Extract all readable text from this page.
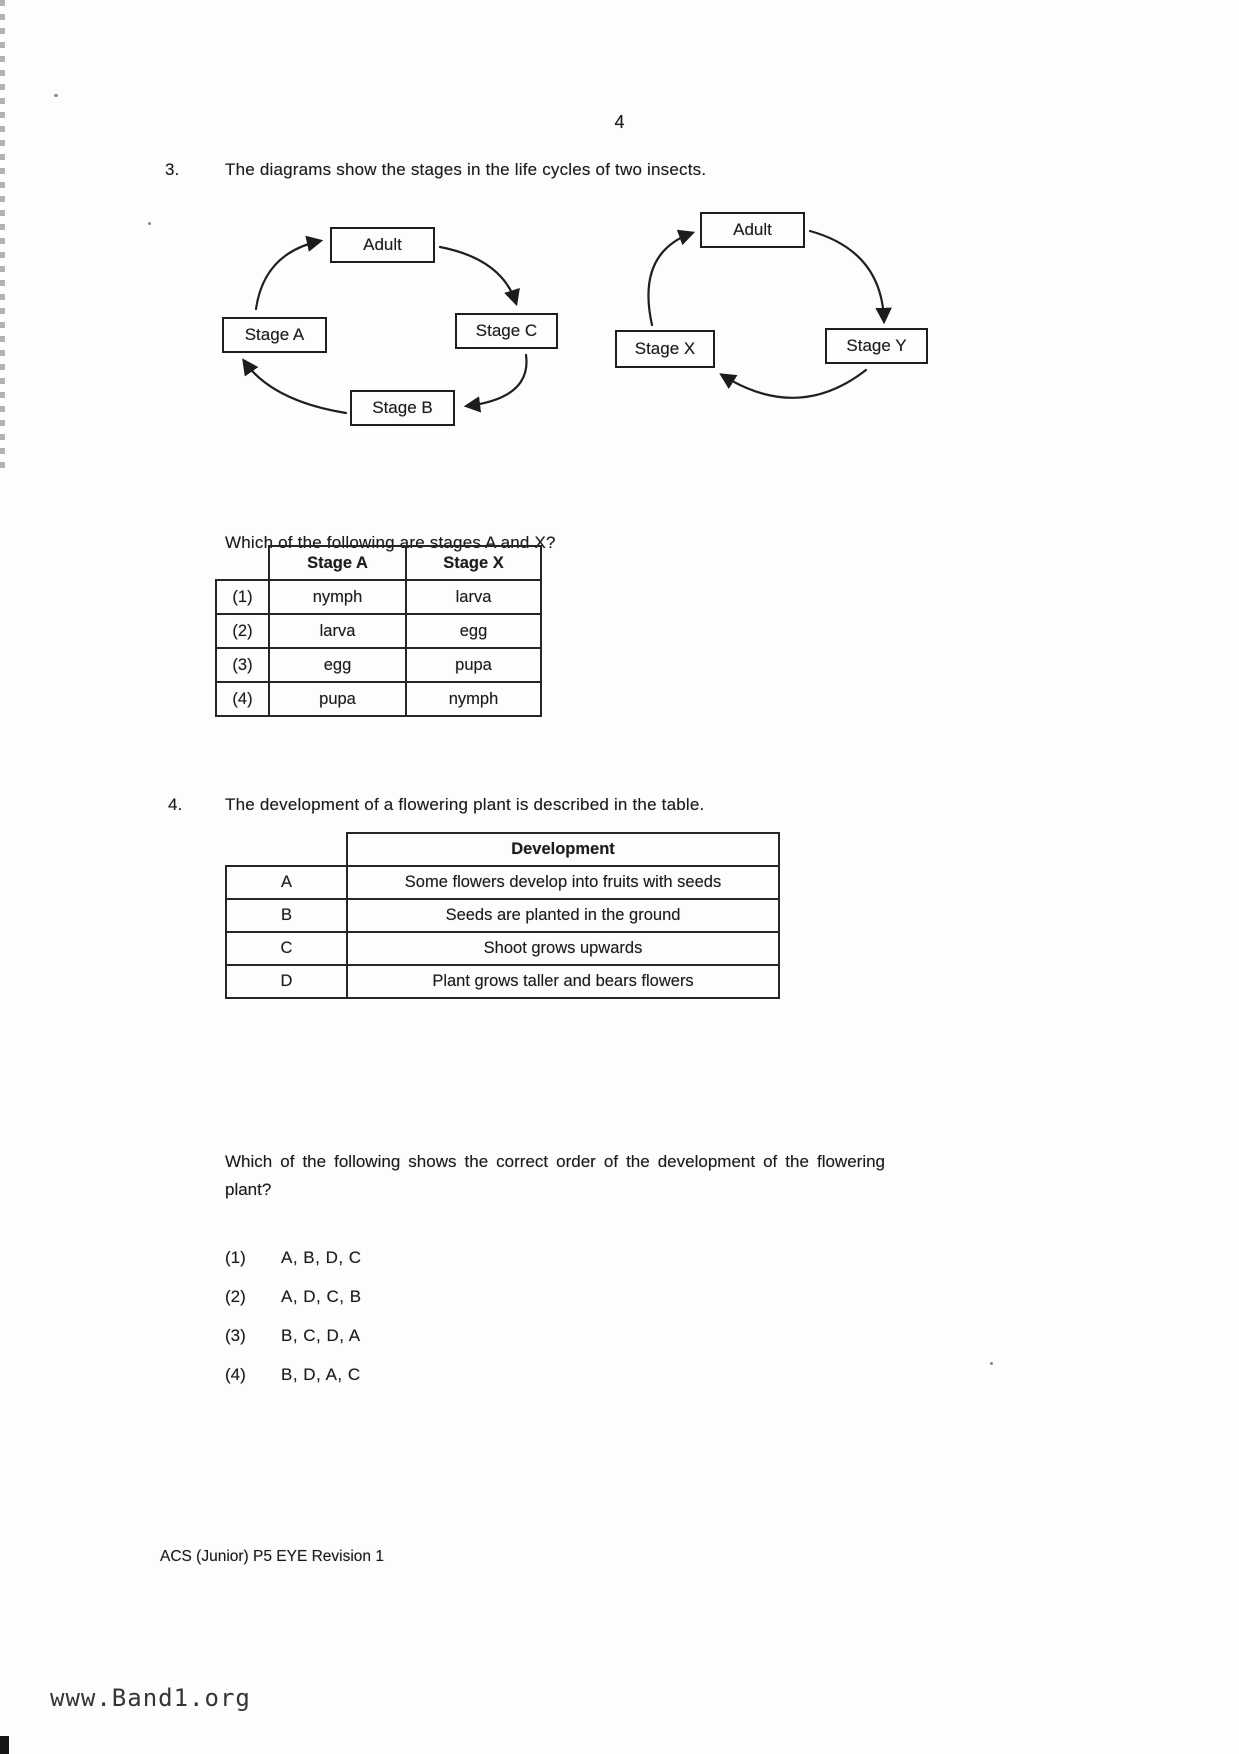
4
3.	The diagrams show the stages in the life cycles of two insects.
Adult
Stage A	Stage C
Stage B
Adult
Stage X	Stage Y
Which of the following are stages A and X?
	Stage A	Stage X
(1)	nymph	larva
(2)	larva	egg
(3)	egg	pupa
(4)	pupa	nymph
4.	The development of a flowering plant is described in the table.
	Development
A	Some flowers develop into fruits with seeds
B	Seeds are planted in the ground
C	Shoot grows upwards
D	Plant grows taller and bears flowers
Which of the following shows the correct order of the development of the flowering plant?
(1)	A, B, D, C
(2)	A, D, C, B
(3)	B, C, D, A
(4)	B, D, A, C
ACS (Junior) P5 EYE Revision 1
www.Band1.org
